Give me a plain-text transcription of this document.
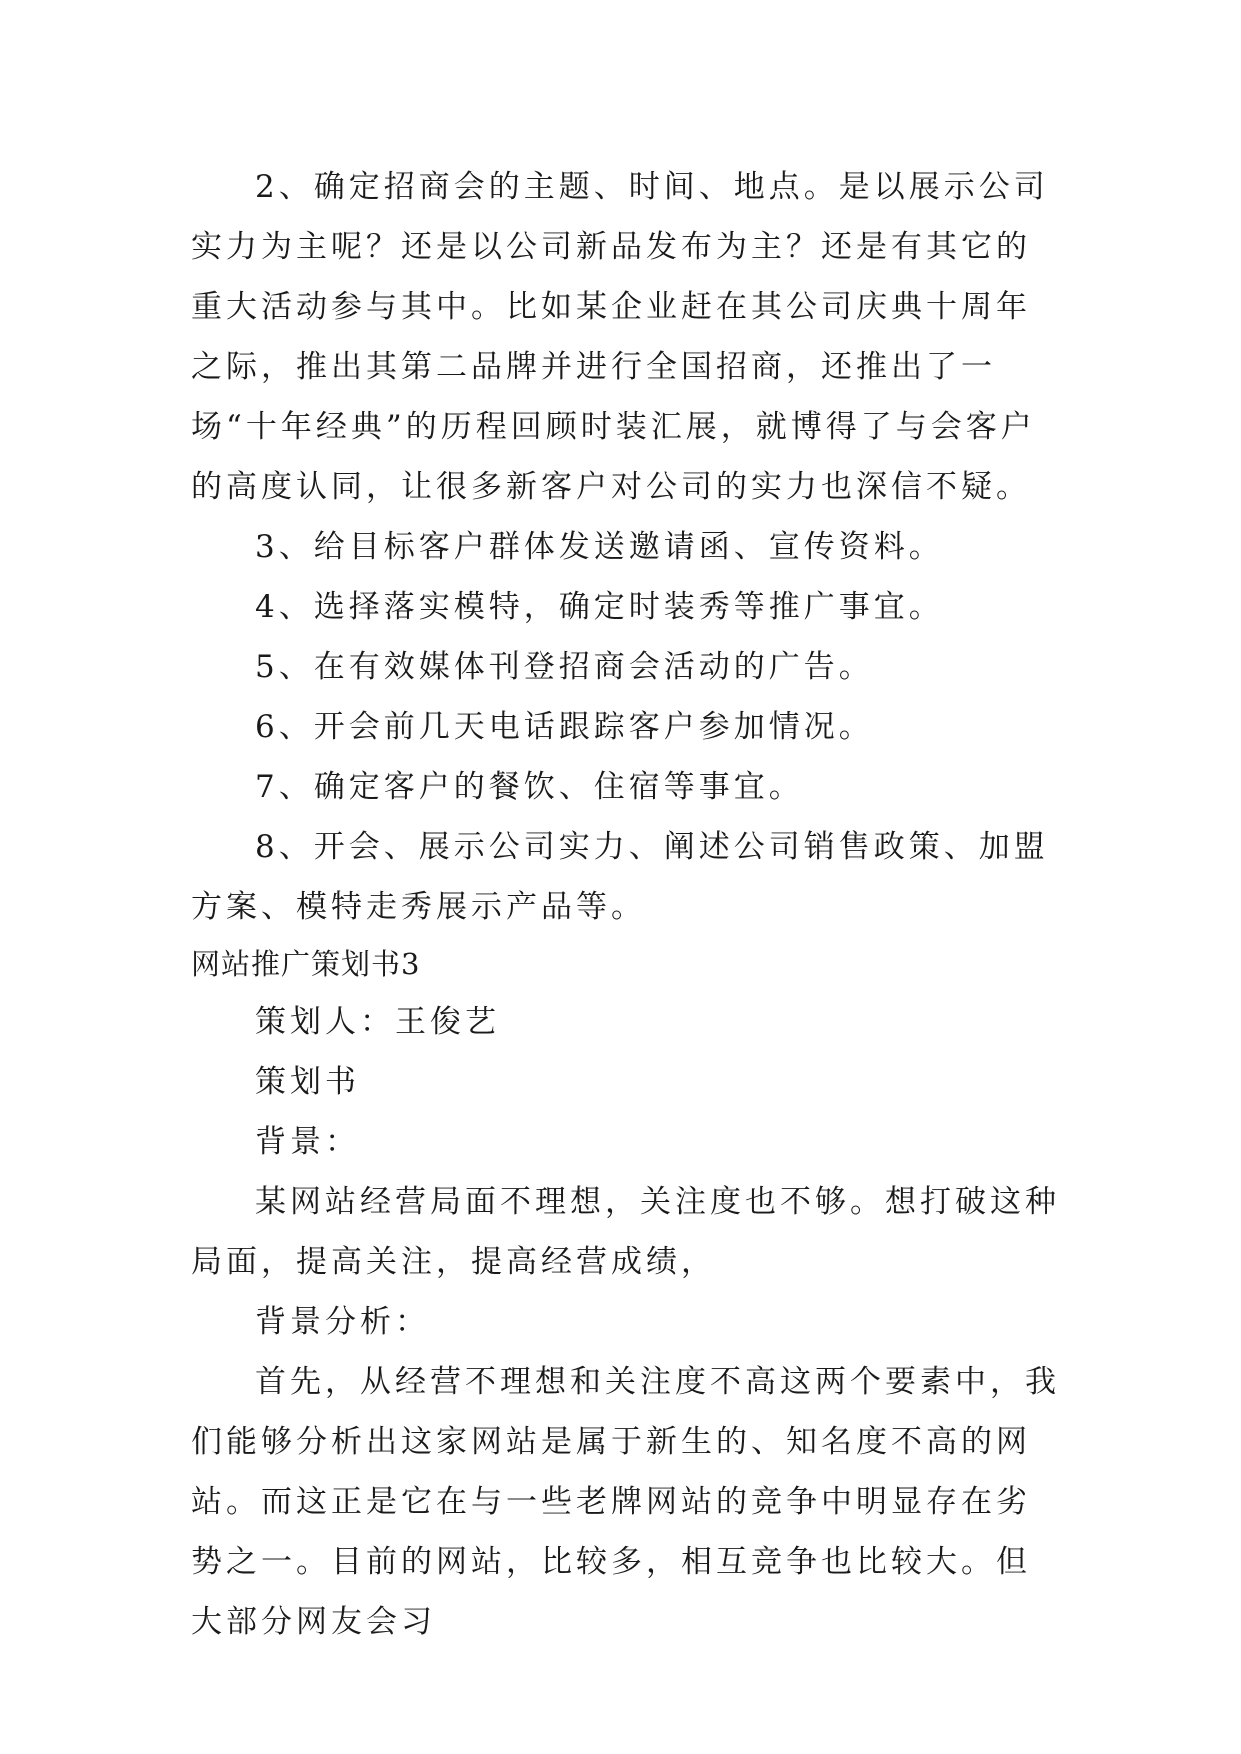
2、确定招商会的主题、时间、地点。是以展示公司实力为主呢？还是以公司新品发布为主？还是有其它的重大活动参与其中。比如某企业赶在其公司庆典十周年之际，推出其第二品牌并进行全国招商，还推出了一场“十年经典”的历程回顾时装汇展，就博得了与会客户的高度认同，让很多新客户对公司的实力也深信不疑。

3、给目标客户群体发送邀请函、宣传资料。

4、选择落实模特，确定时装秀等推广事宜。

5、在有效媒体刊登招商会活动的广告。

6、开会前几天电话跟踪客户参加情况。

7、确定客户的餐饮、住宿等事宜。

8、开会、展示公司实力、阐述公司销售政策、加盟方案、模特走秀展示产品等。

网站推广策划书3

策划人：王俊艺

策划书

背景：

某网站经营局面不理想，关注度也不够。想打破这种局面，提高关注，提高经营成绩，

背景分析：

首先，从经营不理想和关注度不高这两个要素中，我们能够分析出这家网站是属于新生的、知名度不高的网站。而这正是它在与一些老牌网站的竞争中明显存在劣势之一。目前的网站，比较多，相互竞争也比较大。但大部分网友会习
